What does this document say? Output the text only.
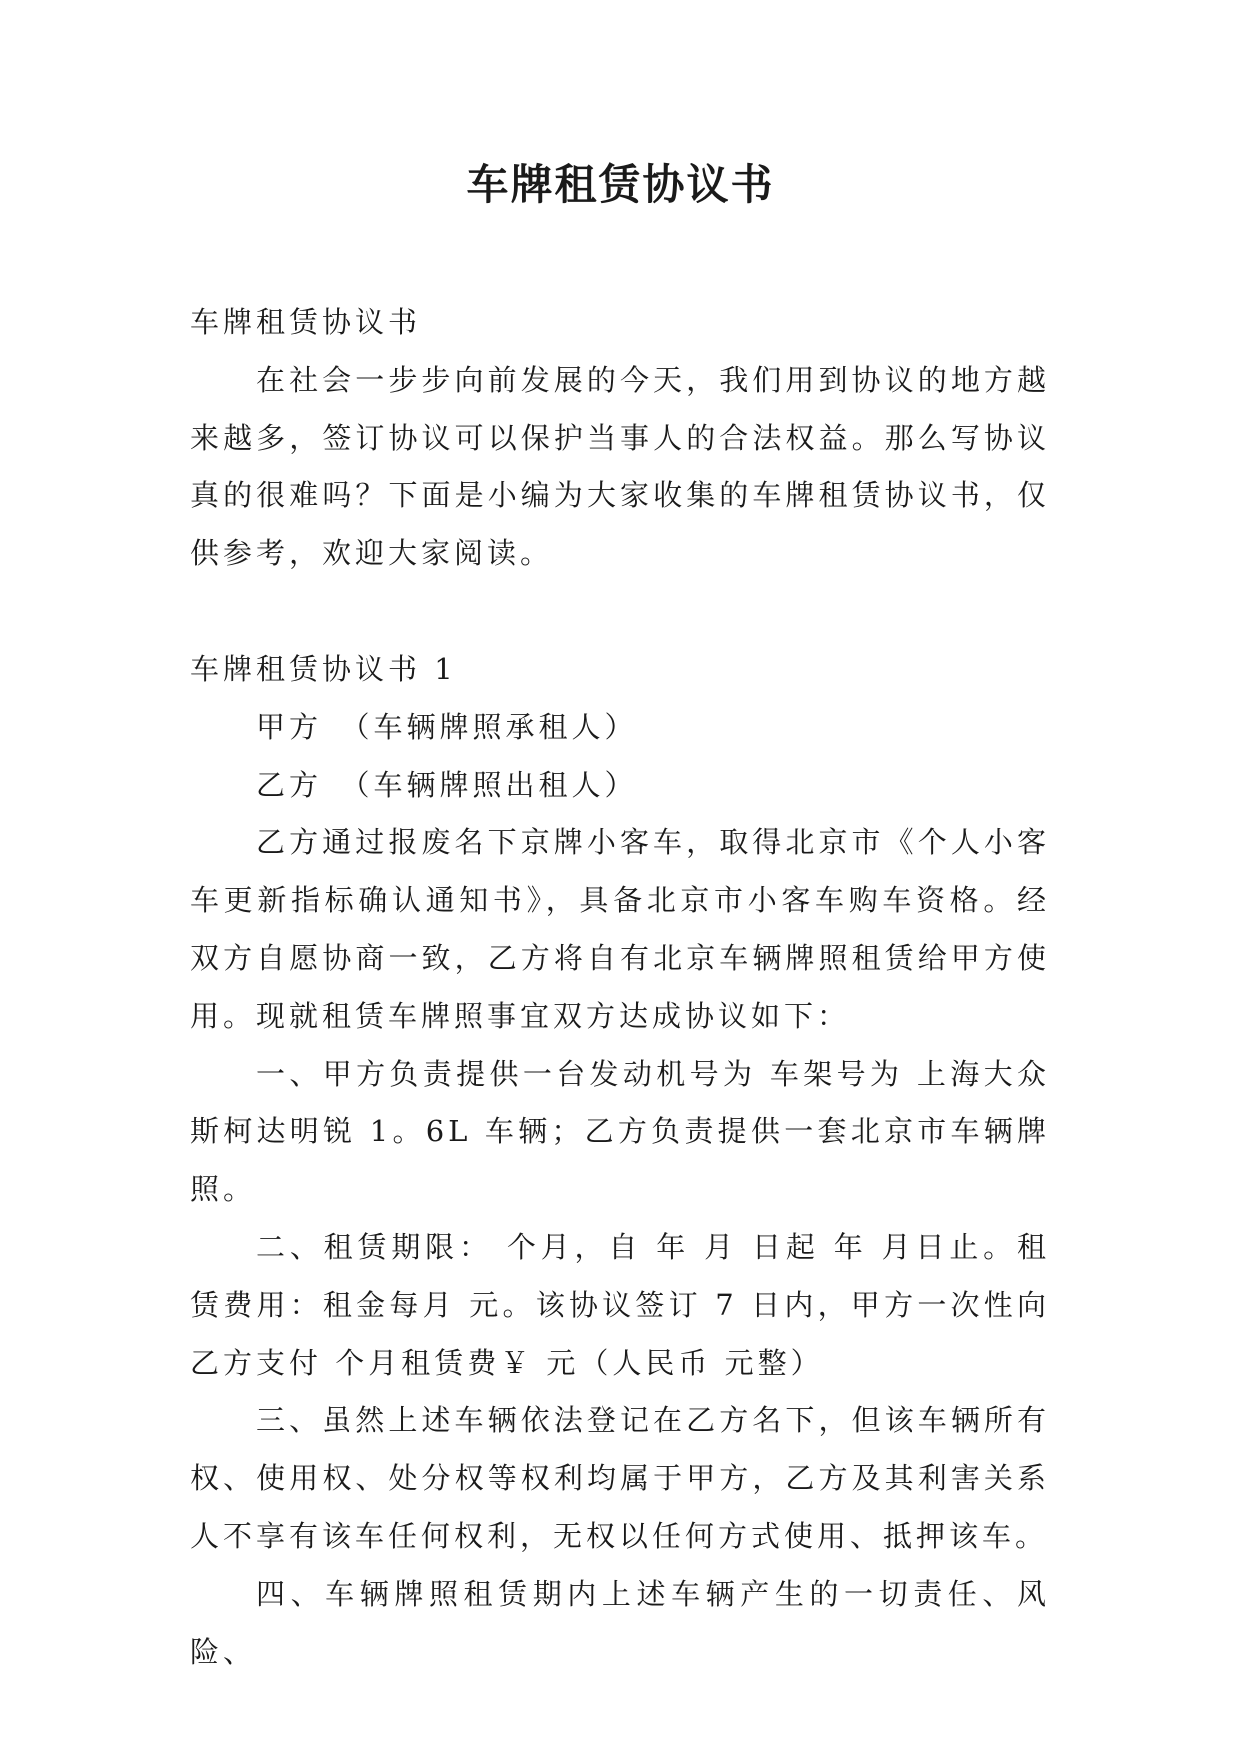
车牌租赁协议书

车牌租赁协议书

在社会一步步向前发展的今天，我们用到协议的地方越来越多，签订协议可以保护当事人的合法权益。那么写协议真的很难吗？下面是小编为大家收集的车牌租赁协议书，仅供参考，欢迎大家阅读。

车牌租赁协议书 1

甲方　（车辆牌照承租人）

乙方　（车辆牌照出租人）

乙方通过报废名下京牌小客车，取得北京市《个人小客车更新指标确认通知书》，具备北京市小客车购车资格。经双方自愿协商一致，乙方将自有北京车辆牌照租赁给甲方使用。现就租赁车牌照事宜双方达成协议如下：

一、甲方负责提供一台发动机号为 车架号为 上海大众斯柯达明锐 1。6L 车辆；乙方负责提供一套北京市车辆牌照。

二、租赁期限： 个月，自 年 月 日起 年 月日止。租赁费用：租金每月 元。该协议签订 7 日内，甲方一次性向乙方支付 个月租赁费￥ 元（人民币 元整）

三、虽然上述车辆依法登记在乙方名下，但该车辆所有权、使用权、处分权等权利均属于甲方，乙方及其利害关系人不享有该车任何权利，无权以任何方式使用、抵押该车。

四、车辆牌照租赁期内上述车辆产生的一切责任、风险、
